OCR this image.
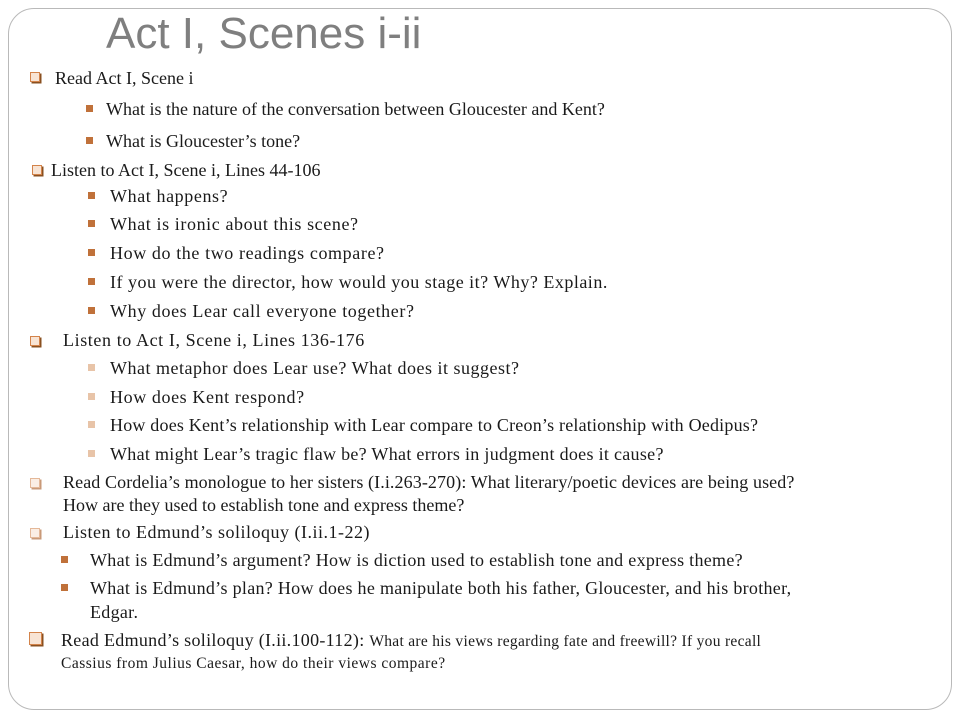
Act I, Scenes i-ii
Read Act I, Scene i
What is the nature of the conversation between Gloucester and Kent?
What is Gloucester’s tone?
Listen to Act I, Scene i, Lines 44-106
What happens?
What is ironic about this scene?
How do the two readings compare?
If you were the director, how would you stage it? Why? Explain.
Why does Lear call everyone together?
Listen to Act I, Scene i, Lines 136-176
What metaphor does Lear use? What does it suggest?
How does Kent respond?
How does Kent’s relationship with Lear compare to Creon’s relationship with Oedipus?
What might Lear’s tragic flaw be? What errors in judgment does it cause?
Read Cordelia’s monologue to her sisters (I.i.263-270): What literary/poetic devices are being used?
How are they used to establish tone and express theme?
Listen to Edmund’s soliloquy (I.ii.1-22)
What is Edmund’s argument? How is diction used to establish tone and express theme?
What is Edmund’s plan? How does he manipulate both his father, Gloucester, and his brother,
Edgar.
Read Edmund’s soliloquy (I.ii.100-112): What are his views regarding fate and freewill? If you recall
Cassius from Julius Caesar, how do their views compare?
